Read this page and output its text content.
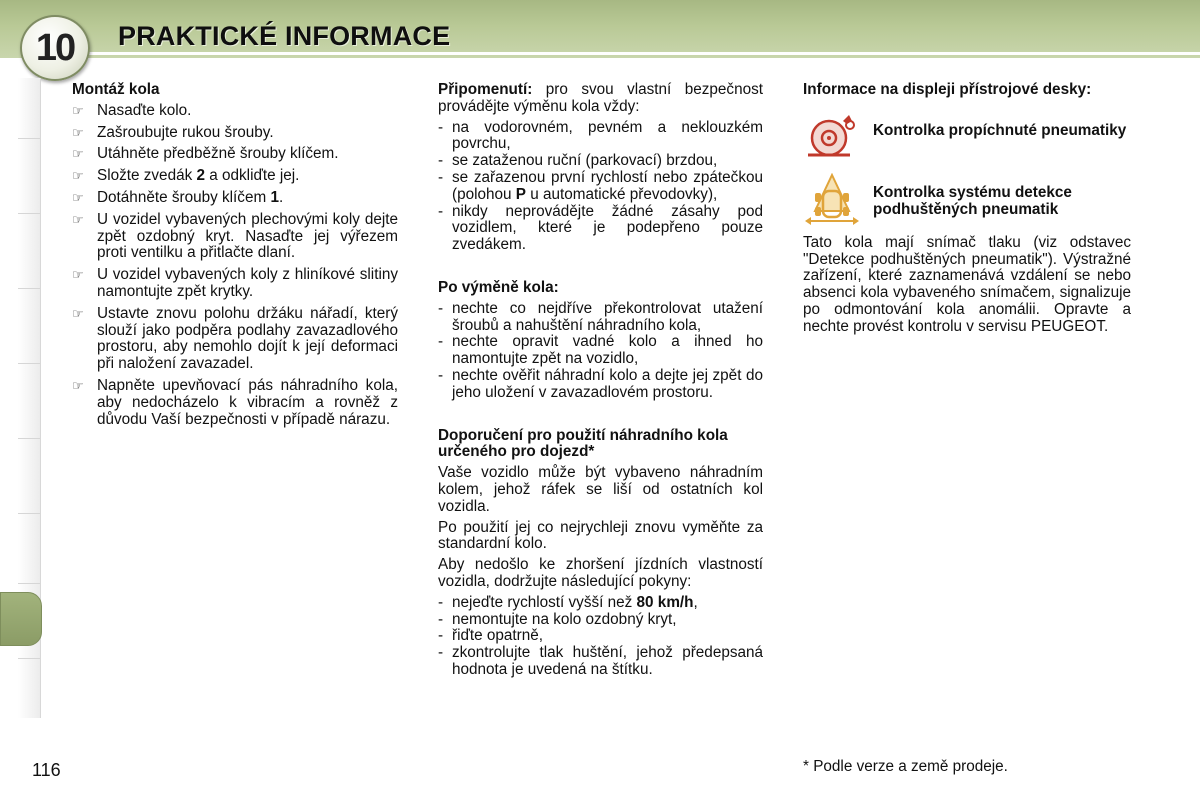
10 PRAKTICKÉ INFORMACE
116
Montáž kola
☞ Nasaďte kolo.
☞ Zašroubujte rukou šrouby.
☞ Utáhněte předběžně šrouby klíčem.
☞ Složte zvedák 2 a odkliďte jej.
☞ Dotáhněte šrouby klíčem 1.
☞ U vozidel vybavených plechovými koly dejte zpět ozdobný kryt. Nasaďte jej výřezem proti ventilku a přitlačte dlaní.
☞ U vozidel vybavených koly z hliníkové slitiny namontujte zpět krytky.
☞ Ustavte znovu polohu držáku nářadí, který slouží jako podpěra podlahy zavazadlového prostoru, aby nemohlo dojít k její deformaci při naložení zavazadel.
☞ Napněte upevňovací pás náhradního kola, aby nedocházelo k vibracím a rovněž z důvodu Vaší bezpečnosti v případě nárazu.

Připomenutí: pro svou vlastní bezpečnost provádějte výměnu kola vždy:

- na vodorovném, pevném a neklouzkém povrchu,
- se zataženou ruční (parkovací) brzdou,
- se zařazenou první rychlostí nebo zpátečkou (polohou P u automatické převodovky),
- nikdy neprovádějte žádné zásahy pod vozidlem, které je podepřeno pouze zvedákem.
Po výměně kola:
- nechte co nejdříve překontrolovat utažení šroubů a nahuštění náhradního kola,
- nechte opravit vadné kolo a ihned ho namontujte zpět na vozidlo,
- nechte ověřit náhradní kolo a dejte jej zpět do jeho uložení v zavazadlovém prostoru.
Doporučení pro použití náhradního kola určeného pro dojezd*

Vaše vozidlo může být vybaveno náhradním kolem, jehož ráfek se liší od ostatních kol vozidla.

Po použití jej co nejrychleji znovu vyměňte za standardní kolo.

Aby nedošlo ke zhoršení jízdních vlastností vozidla, dodržujte následující pokyny:

- nejeďte rychlostí vyšší než 80 km/h,
- nemontujte na kolo ozdobný kryt,
- řiďte opatrně,
- zkontrolujte tlak huštění, jehož předepsaná hodnota je uvedená na štítku.
Informace na displeji přístrojové desky:
Kontrolka propíchnuté pneumatiky
Kontrolka systému detekce podhuštěných pneumatik

Tato kola mají snímač tlaku (viz odstavec "Detekce podhuštěných pneumatik"). Výstražné zařízení, které zaznamenává vzdálení se nebo absenci kola vybaveného snímačem, signalizuje po odmontování kola anomálii. Opravte a nechte provést kontrolu v servisu PEUGEOT.

* Podle verze a země prodeje.
